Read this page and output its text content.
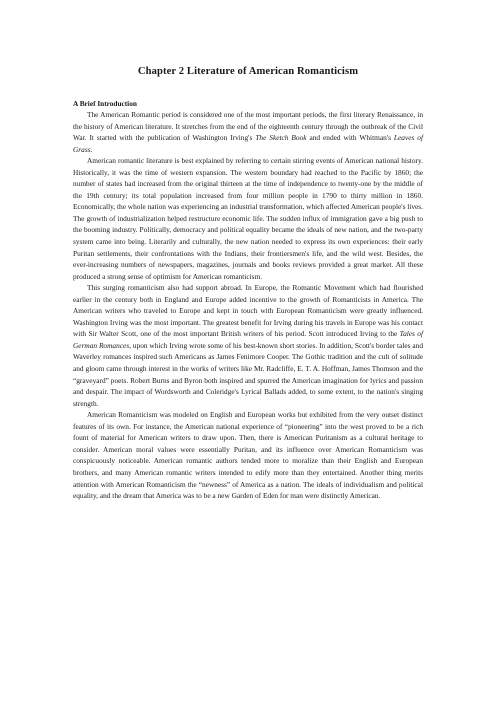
Chapter 2 Literature of American Romanticism
A Brief Introduction

The American Romantic period is considered one of the most important periods, the first literary Renaissance, in the history of American literature. It stretches from the end of the eighteenth century through the outbreak of the Civil War. It started with the publication of Washington Irving's The Sketch Book and ended with Whitman's Leaves of Grass.

American romantic literature is best explained by referring to certain stirring events of American national history. Historically, it was the time of western expansion. The western boundary had reached to the Pacific by 1860; the number of states had increased from the original thirteen at the time of independence to twenty-one by the middle of the 19th century; its total population increased from four million people in 1790 to thirty million in 1860. Economically, the whole nation was experiencing an industrial transformation, which affected American people's lives. The growth of industrialization helped restructure economic life. The sudden influx of immigration gave a big push to the booming industry. Politically, democracy and political equality became the ideals of new nation, and the two-party system came into being. Literarily and culturally, the new nation needed to express its own experiences: their early Puritan settlements, their confrontations with the Indians, their frontiersmen's life, and the wild west. Besides, the ever-increasing numbers of newspapers, magazines, journals and books reviews provided a great market. All these produced a strong sense of optimism for American romanticism.

This surging romanticism also had support abroad. In Europe, the Romantic Movement which had flourished earlier in the century both in England and Europe added incentive to the growth of Romanticists in America. The American writers who traveled to Europe and kept in touch with European Romanticism were greatly influenced. Washington Irving was the most important. The greatest benefit for Irving during his travels in Europe was his contact with Sir Walter Scott, one of the most important British writers of his period. Scott introduced Irving to the Tales of German Romances, upon which Irving wrote some of his best-known short stories. In addition, Scott's border tales and Waverley romances inspired such Americans as James Fenimore Cooper. The Gothic tradition and the cult of solitude and gloom came through interest in the works of writers like Mr. Radcliffe, E. T. A. Hoffman, James Thomson and the “graveyard” poets. Robert Burns and Byron both inspired and spurred the American imagination for lyrics and passion and despair. The impact of Wordsworth and Coleridge's Lyrical Ballads added, to some extent, to the nation's singing strength.

American Romanticism was modeled on English and European works but exhibited from the very outset distinct features of its own. For instance, the American national experience of “pioneering” into the west proved to be a rich fount of material for American writers to draw upon. Then, there is American Puritanism as a cultural heritage to consider. American moral values were essentially Puritan, and its influence over American Romanticism was conspicuously noticeable. American romantic authors tended more to moralize than their English and European brothers, and many American romantic writers intended to edify more than they entertained. Another thing merits attention with American Romanticism the “newness” of America as a nation. The ideals of individualism and political equality, and the dream that America was to be a new Garden of Eden for man were distinctly American.
